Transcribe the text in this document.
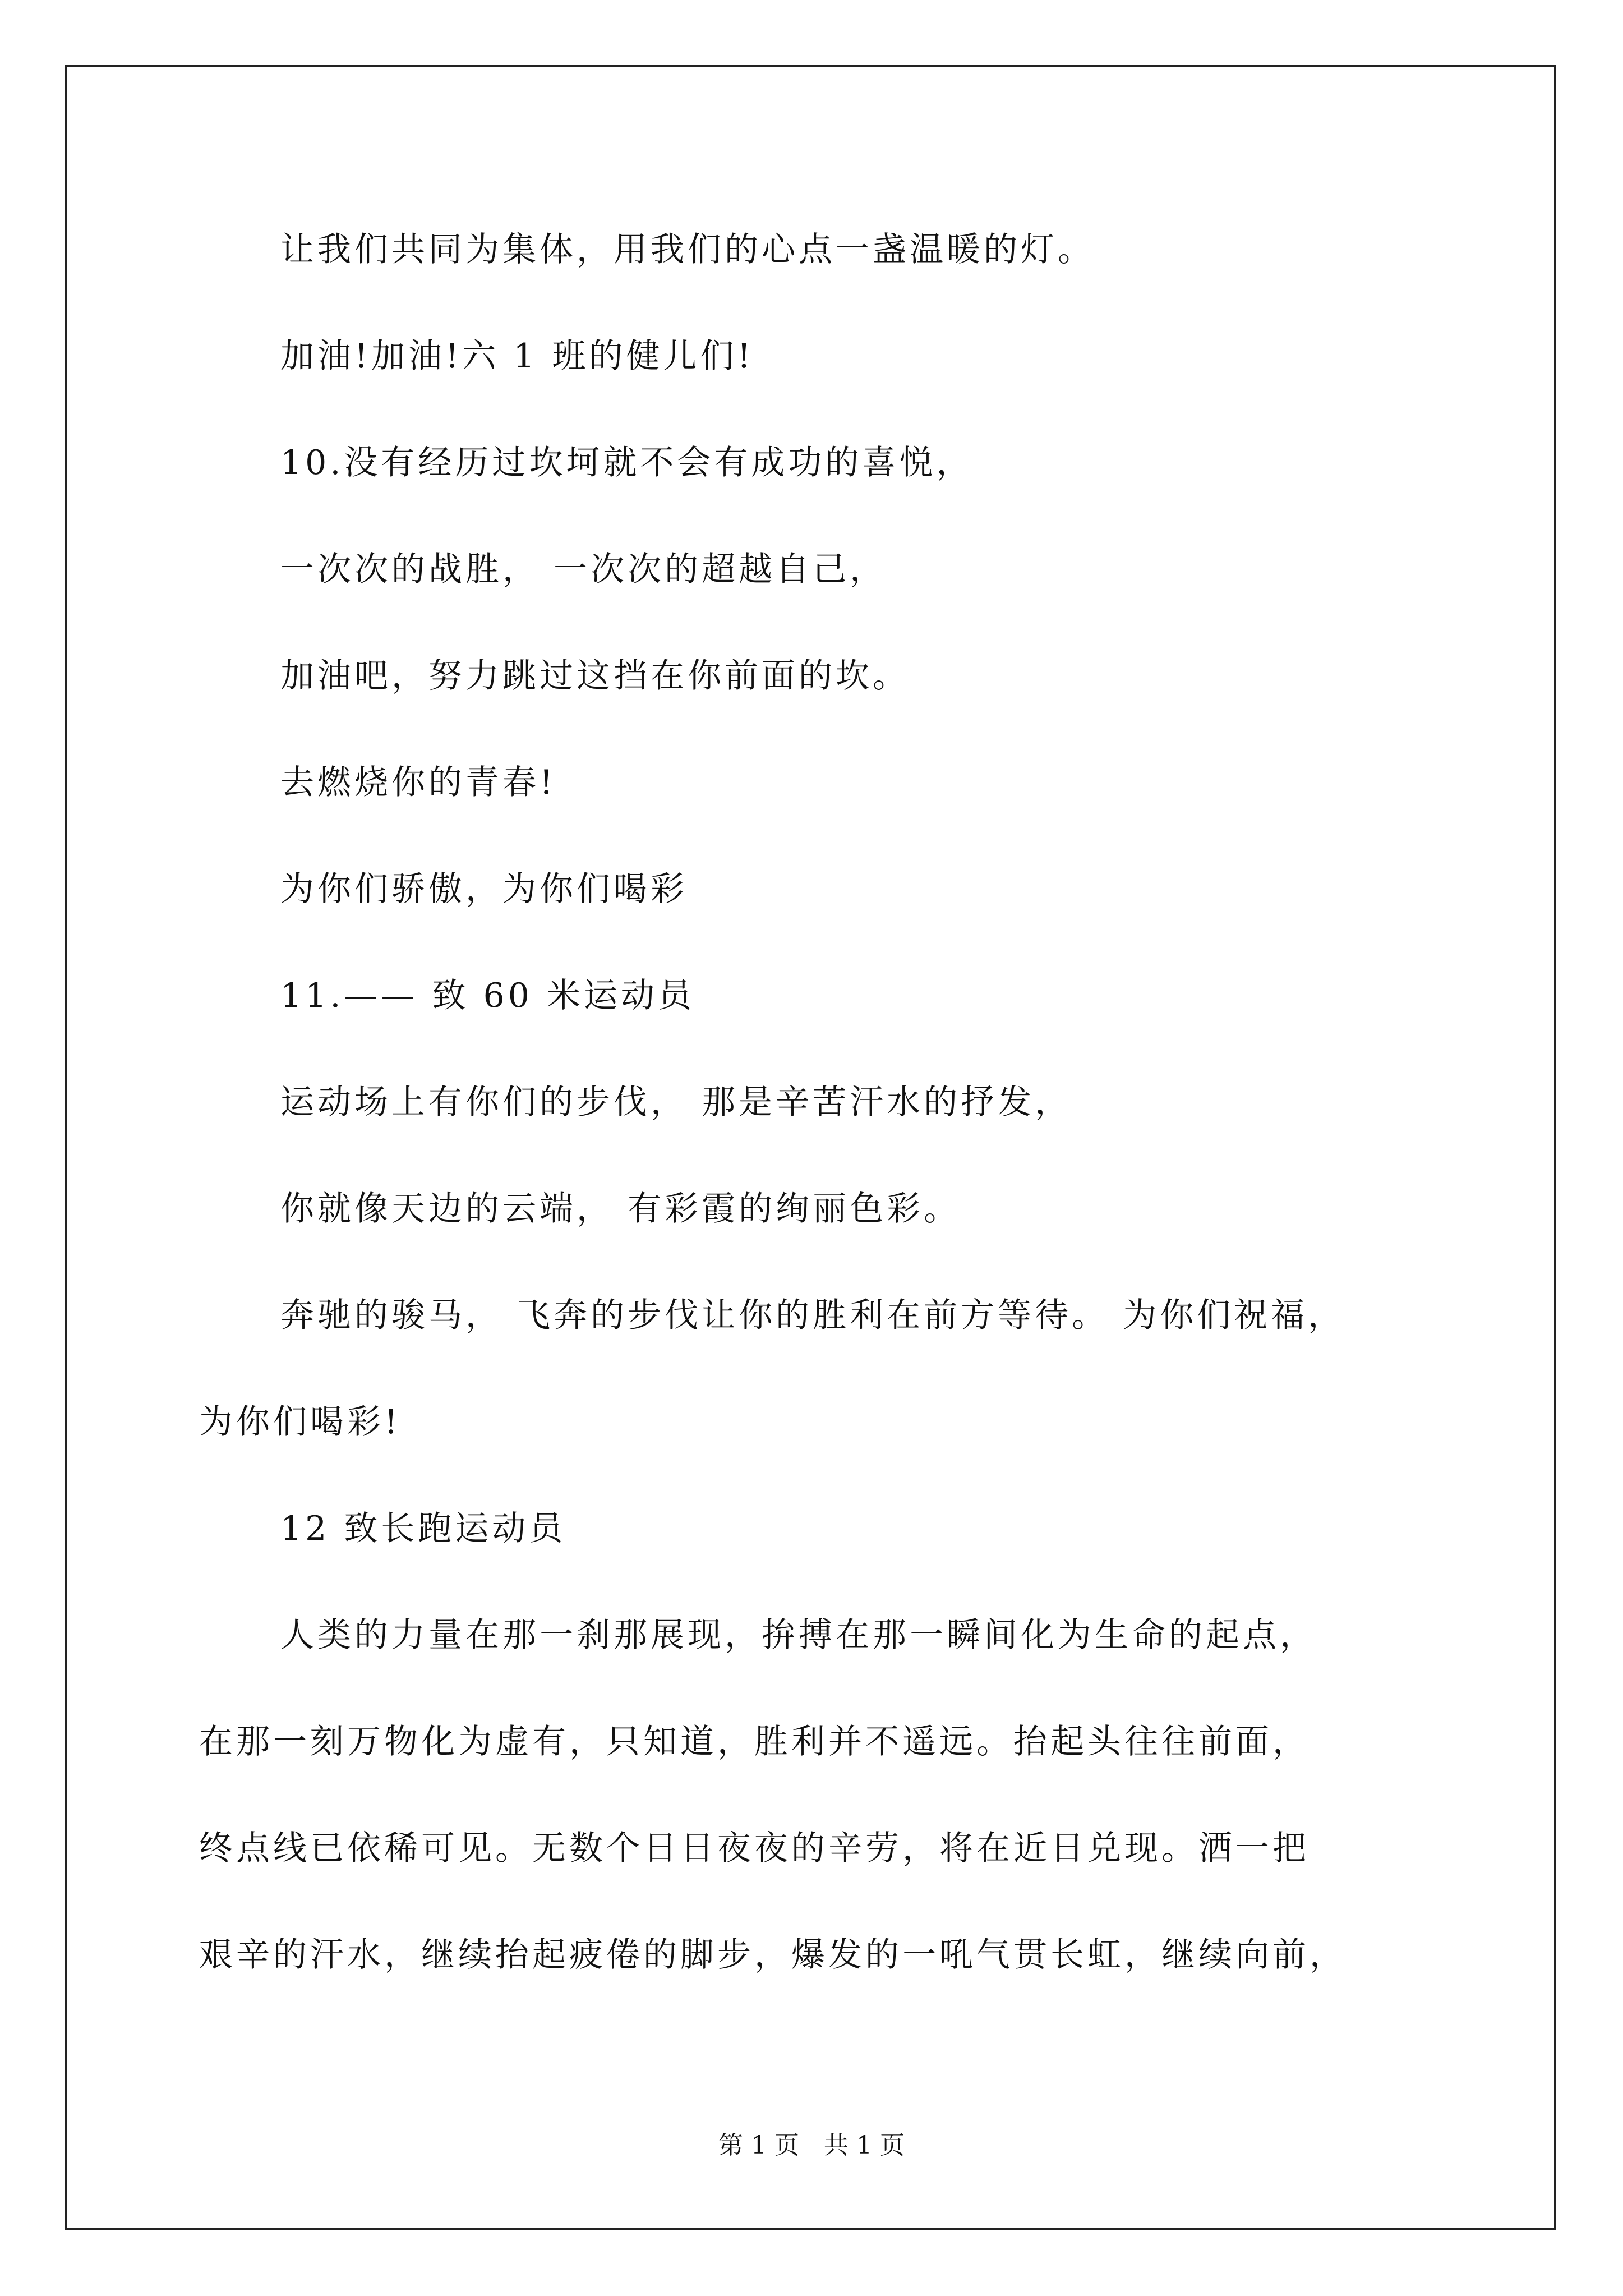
让我们共同为集体，用我们的心点一盏温暖的灯。
加油!加油!六 1 班的健儿们!
10.没有经历过坎坷就不会有成功的喜悦，
一次次的战胜， 一次次的超越自己，
加油吧，努力跳过这挡在你前面的坎。
去燃烧你的青春!
为你们骄傲，为你们喝彩
11.—— 致 60 米运动员
运动场上有你们的步伐， 那是辛苦汗水的抒发，
你就像天边的云端， 有彩霞的绚丽色彩。
奔驰的骏马， 飞奔的步伐让你的胜利在前方等待。 为你们祝福，
为你们喝彩!
12 致长跑运动员
人类的力量在那一刹那展现，拚搏在那一瞬间化为生命的起点，
在那一刻万物化为虚有，只知道，胜利并不遥远。抬起头往往前面，
终点线已依稀可见。无数个日日夜夜的辛劳，将在近日兑现。洒一把
艰辛的汗水，继续抬起疲倦的脚步，爆发的一吼气贯长虹，继续向前，
第 1 页　共 1 页
